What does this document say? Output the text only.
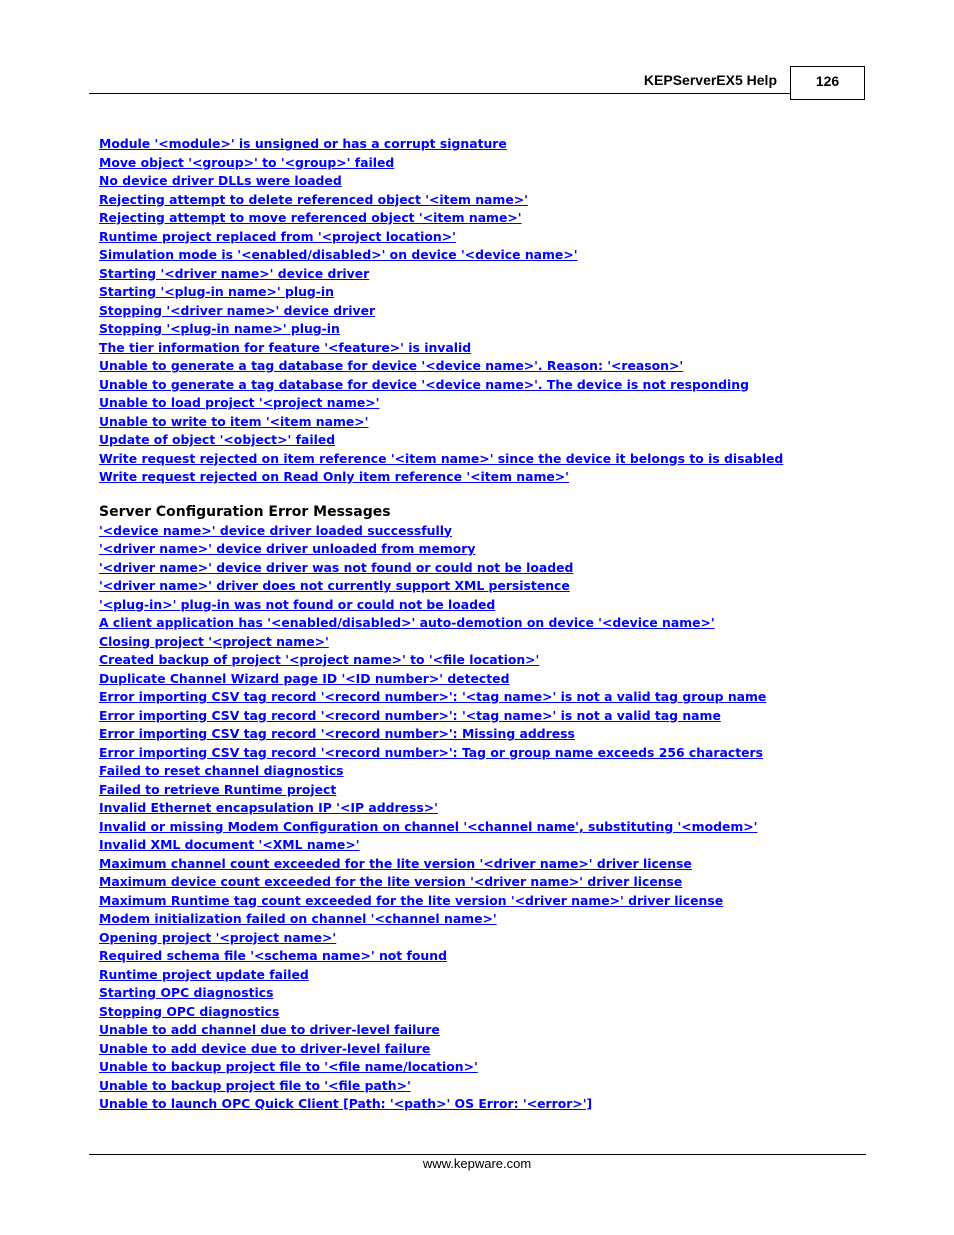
KEPServerEX5 Help	126
Module '<module>' is unsigned or has a corrupt signature
Move object '<group>' to '<group>' failed
No device driver DLLs were loaded
Rejecting attempt to delete referenced object '<item name>'
Rejecting attempt to move referenced object '<item name>'
Runtime project replaced from '<project location>'
Simulation mode is '<enabled/disabled>' on device '<device name>'
Starting '<driver name>' device driver
Starting '<plug-in name>' plug-in
Stopping '<driver name>' device driver
Stopping '<plug-in name>' plug-in
The tier information for feature '<feature>' is invalid
Unable to generate a tag database for device '<device name>'. Reason: '<reason>'
Unable to generate a tag database for device '<device name>'. The device is not responding
Unable to load project '<project name>'
Unable to write to item '<item name>'
Update of object '<object>' failed
Write request rejected on item reference '<item name>' since the device it belongs to is disabled
Write request rejected on Read Only item reference '<item name>'
Server Configuration Error Messages
'<device name>' device driver loaded successfully
'<driver name>' device driver unloaded from memory
'<driver name>' device driver was not found or could not be loaded
'<driver name>' driver does not currently support XML persistence
'<plug-in>' plug-in was not found or could not be loaded
A client application has '<enabled/disabled>' auto-demotion on device '<device name>'
Closing project '<project name>'
Created backup of project '<project name>' to '<file location>'
Duplicate Channel Wizard page ID '<ID number>' detected
Error importing CSV tag record '<record number>': '<tag name>' is not a valid tag group name
Error importing CSV tag record '<record number>': '<tag name>' is not a valid tag name
Error importing CSV tag record '<record number>': Missing address
Error importing CSV tag record '<record number>': Tag or group name exceeds 256 characters
Failed to reset channel diagnostics
Failed to retrieve Runtime project
Invalid Ethernet encapsulation IP '<IP address>'
Invalid or missing Modem Configuration on channel '<channel name', substituting '<modem>'
Invalid XML document '<XML name>'
Maximum channel count exceeded for the lite version '<driver name>' driver license
Maximum device count exceeded for the lite version '<driver name>' driver license
Maximum Runtime tag count exceeded for the lite version '<driver name>' driver license
Modem initialization failed on channel '<channel name>'
Opening project '<project name>'
Required schema file '<schema name>' not found
Runtime project update failed
Starting OPC diagnostics
Stopping OPC diagnostics
Unable to add channel due to driver-level failure
Unable to add device due to driver-level failure
Unable to backup project file to '<file name/location>'
Unable to backup project file to '<file path>'
Unable to launch OPC Quick Client [Path: '<path>' OS Error: '<error>']
www.kepware.com
